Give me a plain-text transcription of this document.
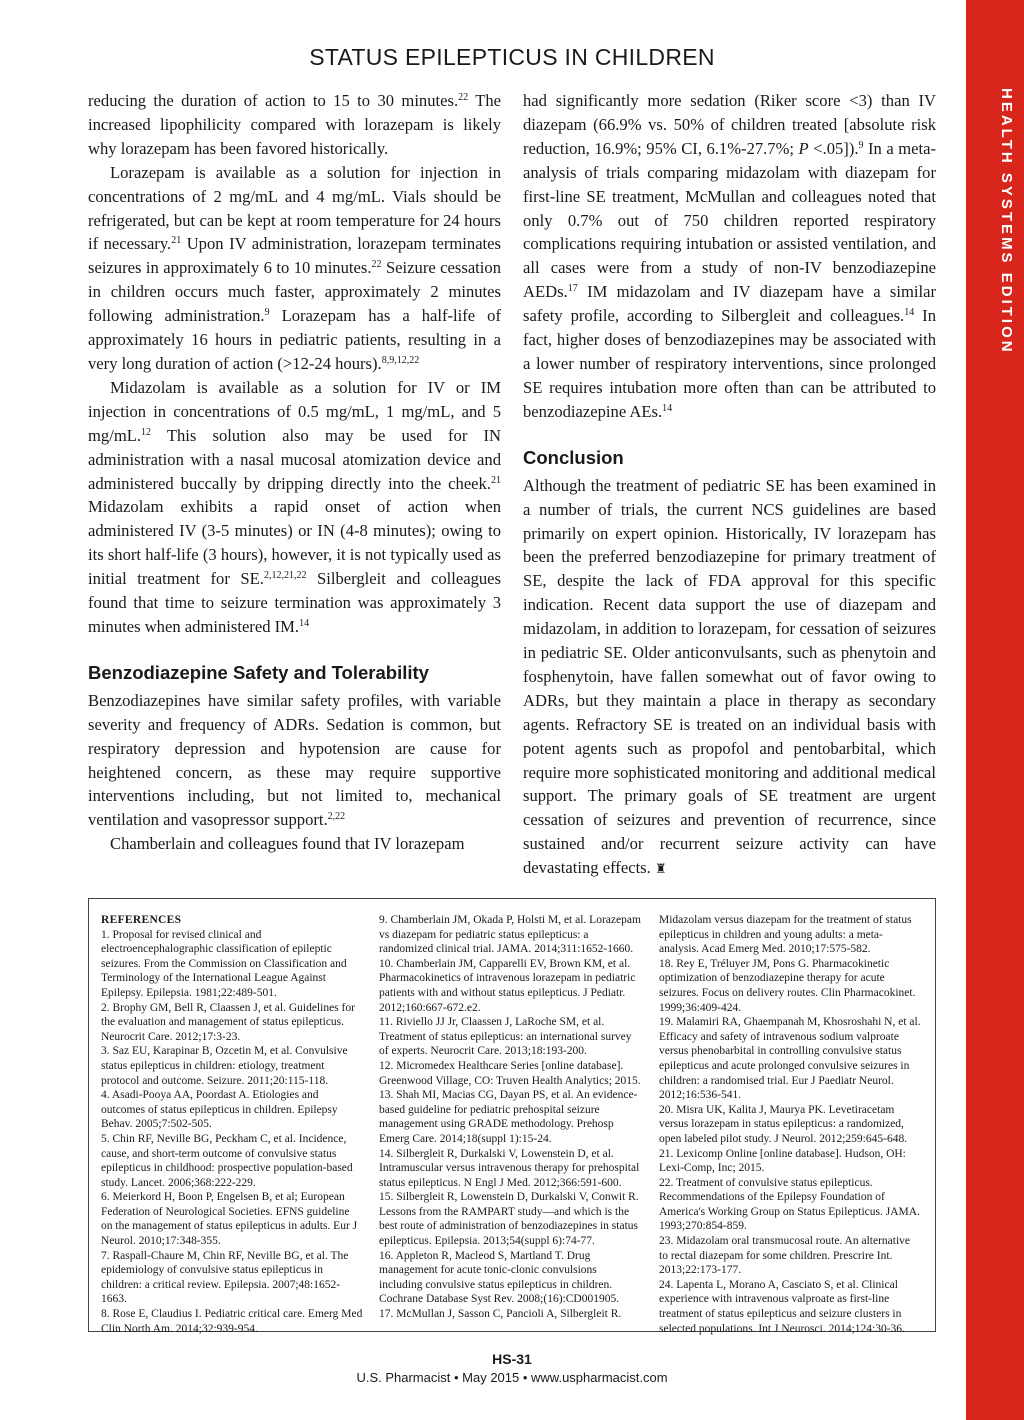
HEALTH SYSTEMS EDITION
STATUS EPILEPTICUS IN CHILDREN

reducing the duration of action to 15 to 30 minutes.$^{22}$ The increased lipophilicity compared with lorazepam is likely why lorazepam has been favored historically.

Lorazepam is available as a solution for injection in concentrations of 2 mg/mL and 4 mg/mL. Vials should be refrigerated, but can be kept at room temperature for 24 hours if necessary.$^{21}$ Upon IV administration, lorazepam terminates seizures in approximately 6 to 10 minutes.$^{22}$ Seizure cessation in children occurs much faster, approximately 2 minutes following administration.$^9$ Lorazepam has a half-life of approximately 16 hours in pediatric patients, resulting in a very long duration of action (>12-24 hours).$^{8,9,12,22}$

Midazolam is available as a solution for IV or IM injection in concentrations of 0.5 mg/mL, 1 mg/mL, and 5 mg/mL.$^{12}$ This solution also may be used for IN administration with a nasal mucosal atomization device and administered buccally by dripping directly into the cheek.$^{21}$ Midazolam exhibits a rapid onset of action when administered IV (3-5 minutes) or IN (4-8 minutes); owing to its short half-life (3 hours), however, it is not typically used as initial treatment for SE.$^{2,12,21,22}$ Silbergleit and colleagues found that time to seizure termination was approximately 3 minutes when administered IM.$^{14}$

Benzodiazepine Safety and Tolerability

Benzodiazepines have similar safety profiles, with variable severity and frequency of ADRs. Sedation is common, but respiratory depression and hypotension are cause for heightened concern, as these may require supportive interventions including, but not limited to, mechanical ventilation and vasopressor support.$^{2,22}$

Chamberlain and colleagues found that IV lorazepam

had significantly more sedation (Riker score <3) than IV diazepam (66.9% vs. 50% of children treated [absolute risk reduction, 16.9%; 95% CI, 6.1%-27.7%; P <.05]).$^9$ In a meta-analysis of trials comparing midazolam with diazepam for first-line SE treatment, McMullan and colleagues noted that only 0.7% out of 750 children reported respiratory complications requiring intubation or assisted ventilation, and all cases were from a study of non-IV benzodiazepine AEDs.$^{17}$ IM midazolam and IV diazepam have a similar safety profile, according to Silbergleit and colleagues.$^{14}$ In fact, higher doses of benzodiazepines may be associated with a lower number of respiratory interventions, since prolonged SE requires intubation more often than can be attributed to benzodiazepine AEs.$^{14}$

Conclusion

Although the treatment of pediatric SE has been examined in a number of trials, the current NCS guidelines are based primarily on expert opinion. Historically, IV lorazepam has been the preferred benzodiazepine for primary treatment of SE, despite the lack of FDA approval for this specific indication. Recent data support the use of diazepam and midazolam, in addition to lorazepam, for cessation of seizures in pediatric SE. Older anticonvulsants, such as phenytoin and fosphenytoin, have fallen somewhat out of favor owing to ADRs, but they maintain a place in therapy as secondary agents. Refractory SE is treated on an individual basis with potent agents such as propofol and pentobarbital, which require more sophisticated monitoring and additional medical support. The primary goals of SE treatment are urgent cessation of seizures and prevention of recurrence, since sustained and/or recurrent seizure activity can have devastating effects. ♜

REFERENCES

1. Proposal for revised clinical and electroencephalographic classification of epileptic seizures. From the Commission on Classification and Terminology of the International League Against Epilepsy. Epilepsia. 1981;22:489-501.

2. Brophy GM, Bell R, Claassen J, et al. Guidelines for the evaluation and management of status epilepticus. Neurocrit Care. 2012;17:3-23.

3. Saz EU, Karapinar B, Ozcetin M, et al. Convulsive status epilepticus in children: etiology, treatment protocol and outcome. Seizure. 2011;20:115-118.

4. Asadi-Pooya AA, Poordast A. Etiologies and outcomes of status epilepticus in children. Epilepsy Behav. 2005;7:502-505.

5. Chin RF, Neville BG, Peckham C, et al. Incidence, cause, and short-term outcome of convulsive status epilepticus in childhood: prospective population-based study. Lancet. 2006;368:222-229.

6. Meierkord H, Boon P, Engelsen B, et al; European Federation of Neurological Societies. EFNS guideline on the management of status epilepticus in adults. Eur J Neurol. 2010;17:348-355.

7. Raspall-Chaure M, Chin RF, Neville BG, et al. The epidemiology of convulsive status epilepticus in children: a critical review. Epilepsia. 2007;48:1652-1663.

8. Rose E, Claudius I. Pediatric critical care. Emerg Med Clin North Am. 2014;32:939-954.

9. Chamberlain JM, Okada P, Holsti M, et al. Lorazepam vs diazepam for pediatric status epilepticus: a randomized clinical trial. JAMA. 2014;311:1652-1660.

10. Chamberlain JM, Capparelli EV, Brown KM, et al. Pharmacokinetics of intravenous lorazepam in pediatric patients with and without status epilepticus. J Pediatr. 2012;160:667-672.e2.

11. Riviello JJ Jr, Claassen J, LaRoche SM, et al. Treatment of status epilepticus: an international survey of experts. Neurocrit Care. 2013;18:193-200.

12. Micromedex Healthcare Series [online database]. Greenwood Village, CO: Truven Health Analytics; 2015.

13. Shah MI, Macias CG, Dayan PS, et al. An evidence-based guideline for pediatric prehospital seizure management using GRADE methodology. Prehosp Emerg Care. 2014;18(suppl 1):15-24.

14. Silbergleit R, Durkalski V, Lowenstein D, et al. Intramuscular versus intravenous therapy for prehospital status epilepticus. N Engl J Med. 2012;366:591-600.

15. Silbergleit R, Lowenstein D, Durkalski V, Conwit R. Lessons from the RAMPART study—and which is the best route of administration of benzodiazepines in status epilepticus. Epilepsia. 2013;54(suppl 6):74-77.

16. Appleton R, Macleod S, Martland T. Drug management for acute tonic-clonic convulsions including convulsive status epilepticus in children. Cochrane Database Syst Rev. 2008;(16):CD001905.

17. McMullan J, Sasson C, Pancioli A, Silbergleit R.

Midazolam versus diazepam for the treatment of status epilepticus in children and young adults: a meta-analysis. Acad Emerg Med. 2010;17:575-582.

18. Rey E, Tréluyer JM, Pons G. Pharmacokinetic optimization of benzodiazepine therapy for acute seizures. Focus on delivery routes. Clin Pharmacokinet. 1999;36:409-424.

19. Malamiri RA, Ghaempanah M, Khosroshahi N, et al. Efficacy and safety of intravenous sodium valproate versus phenobarbital in controlling convulsive status epilepticus and acute prolonged convulsive seizures in children: a randomised trial. Eur J Paediatr Neurol. 2012;16:536-541.

20. Misra UK, Kalita J, Maurya PK. Levetiracetam versus lorazepam in status epilepticus: a randomized, open labeled pilot study. J Neurol. 2012;259:645-648.

21. Lexicomp Online [online database]. Hudson, OH: Lexi-Comp, Inc; 2015.

22. Treatment of convulsive status epilepticus. Recommendations of the Epilepsy Foundation of America's Working Group on Status Epilepticus. JAMA. 1993;270:854-859.

23. Midazolam oral transmucosal route. An alternative to rectal diazepam for some children. Prescrire Int. 2013;22:173-177.

24. Lapenta L, Morano A, Casciato S, et al. Clinical experience with intravenous valproate as first-line treatment of status epilepticus and seizure clusters in selected populations. Int J Neurosci. 2014;124:30-36.

HS-31
U.S. Pharmacist • May 2015 • www.uspharmacist.com
